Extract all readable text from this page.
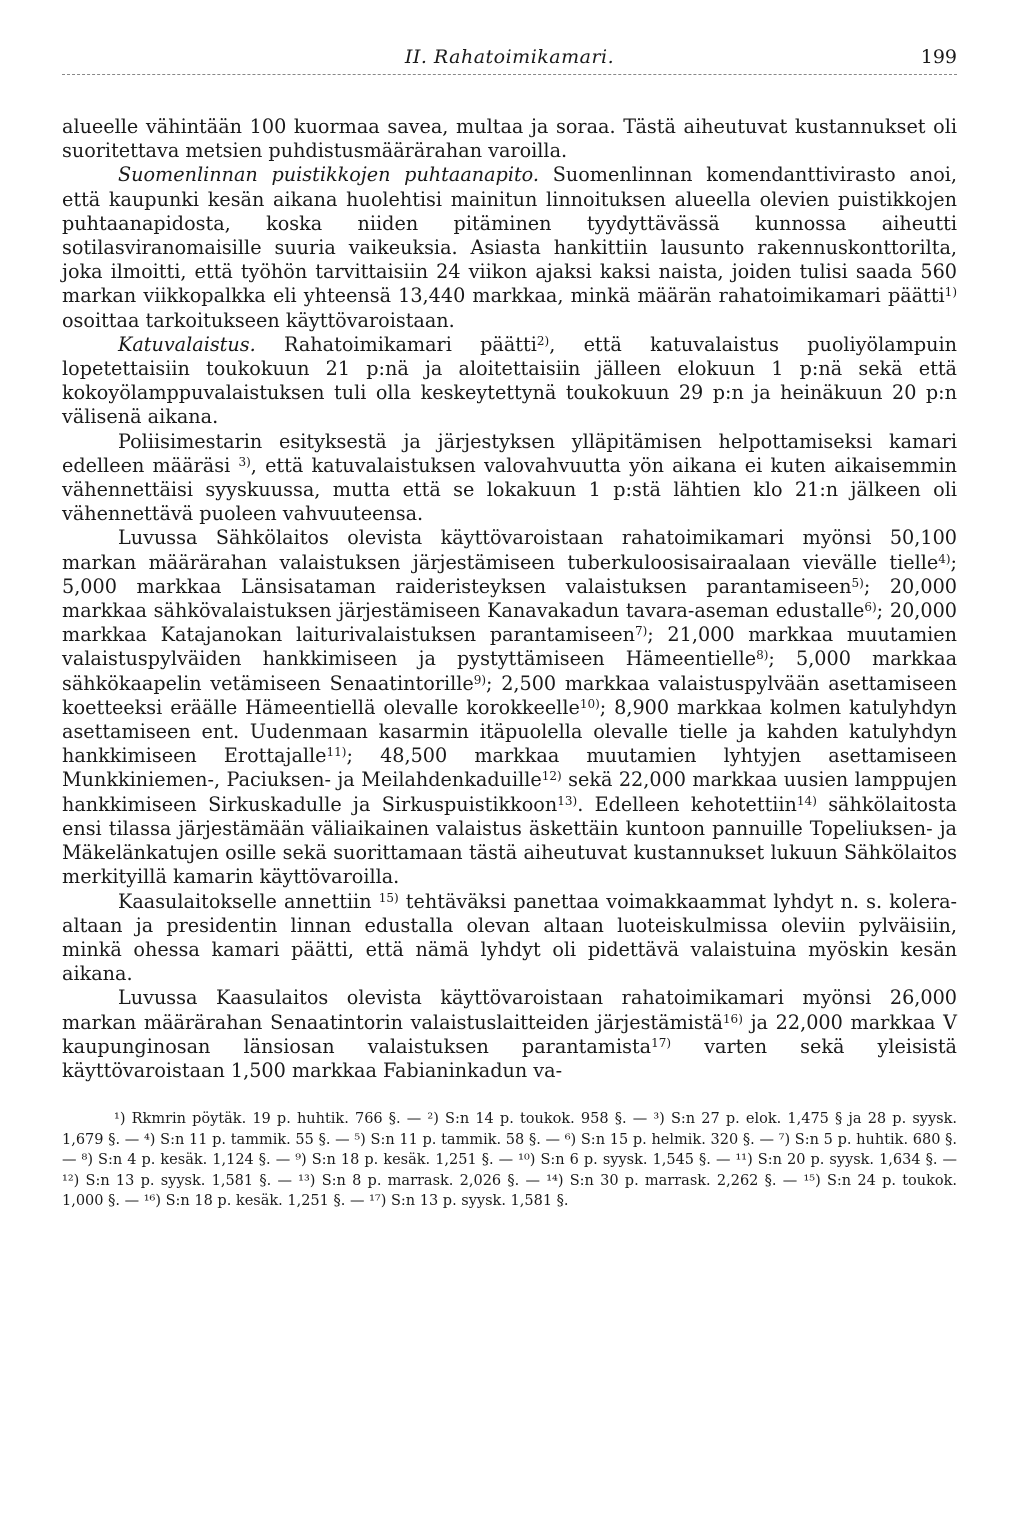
II. Rahatoimikamari.	199

alueelle vähintään 100 kuormaa savea, multaa ja soraa. Tästä aiheutuvat kustannukset oli suoritettava metsien puhdistusmäärärahan varoilla.

Suomenlinnan puistikkojen puhtaanapito. Suomenlinnan komendanttivirasto anoi, että kaupunki kesän aikana huolehtisi mainitun linnoituksen alueella olevien puistikkojen puhtaanapidosta, koska niiden pitäminen tyydyttävässä kunnossa aiheutti sotilasviranomaisille suuria vaikeuksia. Asiasta hankittiin lausunto rakennuskonttorilta, joka ilmoitti, että työhön tarvittaisiin 24 viikon ajaksi kaksi naista, joiden tulisi saada 560 markan viikkopalkka eli yhteensä 13,440 markkaa, minkä määrän rahatoimikamari päätti$^{1)}$ osoittaa tarkoitukseen käyttövaroistaan.

Katuvalaistus. Rahatoimikamari päätti$^{2)}$, että katuvalaistus puoliyölampuin lopetettaisiin toukokuun 21 p:nä ja aloitettaisiin jälleen elokuun 1 p:nä sekä että kokoyölamppuvalaistuksen tuli olla keskeytettynä toukokuun 29 p:n ja heinäkuun 20 p:n välisenä aikana.

Poliisimestarin esityksestä ja järjestyksen ylläpitämisen helpottamiseksi kamari edelleen määräsi $^{3)}$, että katuvalaistuksen valovahvuutta yön aikana ei kuten aikaisemmin vähennettäisi syyskuussa, mutta että se lokakuun 1 p:stä lähtien klo 21:n jälkeen oli vähennettävä puoleen vahvuuteensa.

Luvussa Sähkölaitos olevista käyttövaroistaan rahatoimikamari myönsi 50,100 markan määrärahan valaistuksen järjestämiseen tuberkuloosisairaalaan vievälle tielle$^{4)}$; 5,000 markkaa Länsisataman raideristeyksen valaistuksen parantamiseen$^{5)}$; 20,000 markkaa sähkövalaistuksen järjestämiseen Kanavakadun tavara-aseman edustalle$^{6)}$; 20,000 markkaa Katajanokan laiturivalaistuksen parantamiseen$^{7)}$; 21,000 markkaa muutamien valaistuspylväiden hankkimiseen ja pystyttämiseen Hämeentielle$^{8)}$; 5,000 markkaa sähkökaapelin vetämiseen Senaatintorille$^{9)}$; 2,500 markkaa valaistuspylvään asettamiseen koetteeksi eräälle Hämeentiellä olevalle korokkeelle$^{10)}$; 8,900 markkaa kolmen katulyhdyn asettamiseen ent. Uudenmaan kasarmin itäpuolella olevalle tielle ja kahden katulyhdyn hankkimiseen Erottajalle$^{11)}$; 48,500 markkaa muutamien lyhtyjen asettamiseen Munkkiniemen-, Paciuksen- ja Meilahdenkaduille$^{12)}$ sekä 22,000 markkaa uusien lamppujen hankkimiseen Sirkuskadulle ja Sirkuspuistikkoon$^{13)}$. Edelleen kehotettiin$^{14)}$ sähkölaitosta ensi tilassa järjestämään väliaikainen valaistus äskettäin kuntoon pannuille Topeliuksen- ja Mäkelänkatujen osille sekä suorittamaan tästä aiheutuvat kustannukset lukuun Sähkölaitos merkityillä kamarin käyttövaroilla.

Kaasulaitokselle annettiin $^{15)}$ tehtäväksi panettaa voimakkaammat lyhdyt n. s. kolera-altaan ja presidentin linnan edustalla olevan altaan luoteiskulmissa oleviin pylväisiin, minkä ohessa kamari päätti, että nämä lyhdyt oli pidettävä valaistuina myöskin kesän aikana.

Luvussa Kaasulaitos olevista käyttövaroistaan rahatoimikamari myönsi 26,000 markan määrärahan Senaatintorin valaistuslaitteiden järjestämistä$^{16)}$ ja 22,000 markkaa V kaupunginosan länsiosan valaistuksen parantamista$^{17)}$ varten sekä yleisistä käyttövaroistaan 1,500 markkaa Fabianinkadun va-

¹) Rkmrin pöytäk. 19 p. huhtik. 766 §. — ²) S:n 14 p. toukok. 958 §. — ³) S:n 27 p. elok. 1,475 § ja 28 p. syysk. 1,679 §. — ⁴) S:n 11 p. tammik. 55 §. — ⁵) S:n 11 p. tammik. 58 §. — ⁶) S:n 15 p. helmik. 320 §. — ⁷) S:n 5 p. huhtik. 680 §. — ⁸) S:n 4 p. kesäk. 1,124 §. — ⁹) S:n 18 p. kesäk. 1,251 §. — ¹⁰) S:n 6 p. syysk. 1,545 §. — ¹¹) S:n 20 p. syysk. 1,634 §. — ¹²) S:n 13 p. syysk. 1,581 §. — ¹³) S:n 8 p. marrask. 2,026 §. — ¹⁴) S:n 30 p. marrask. 2,262 §. — ¹⁵) S:n 24 p. toukok. 1,000 §. — ¹⁶) S:n 18 p. kesäk. 1,251 §. — ¹⁷) S:n 13 p. syysk. 1,581 §.
